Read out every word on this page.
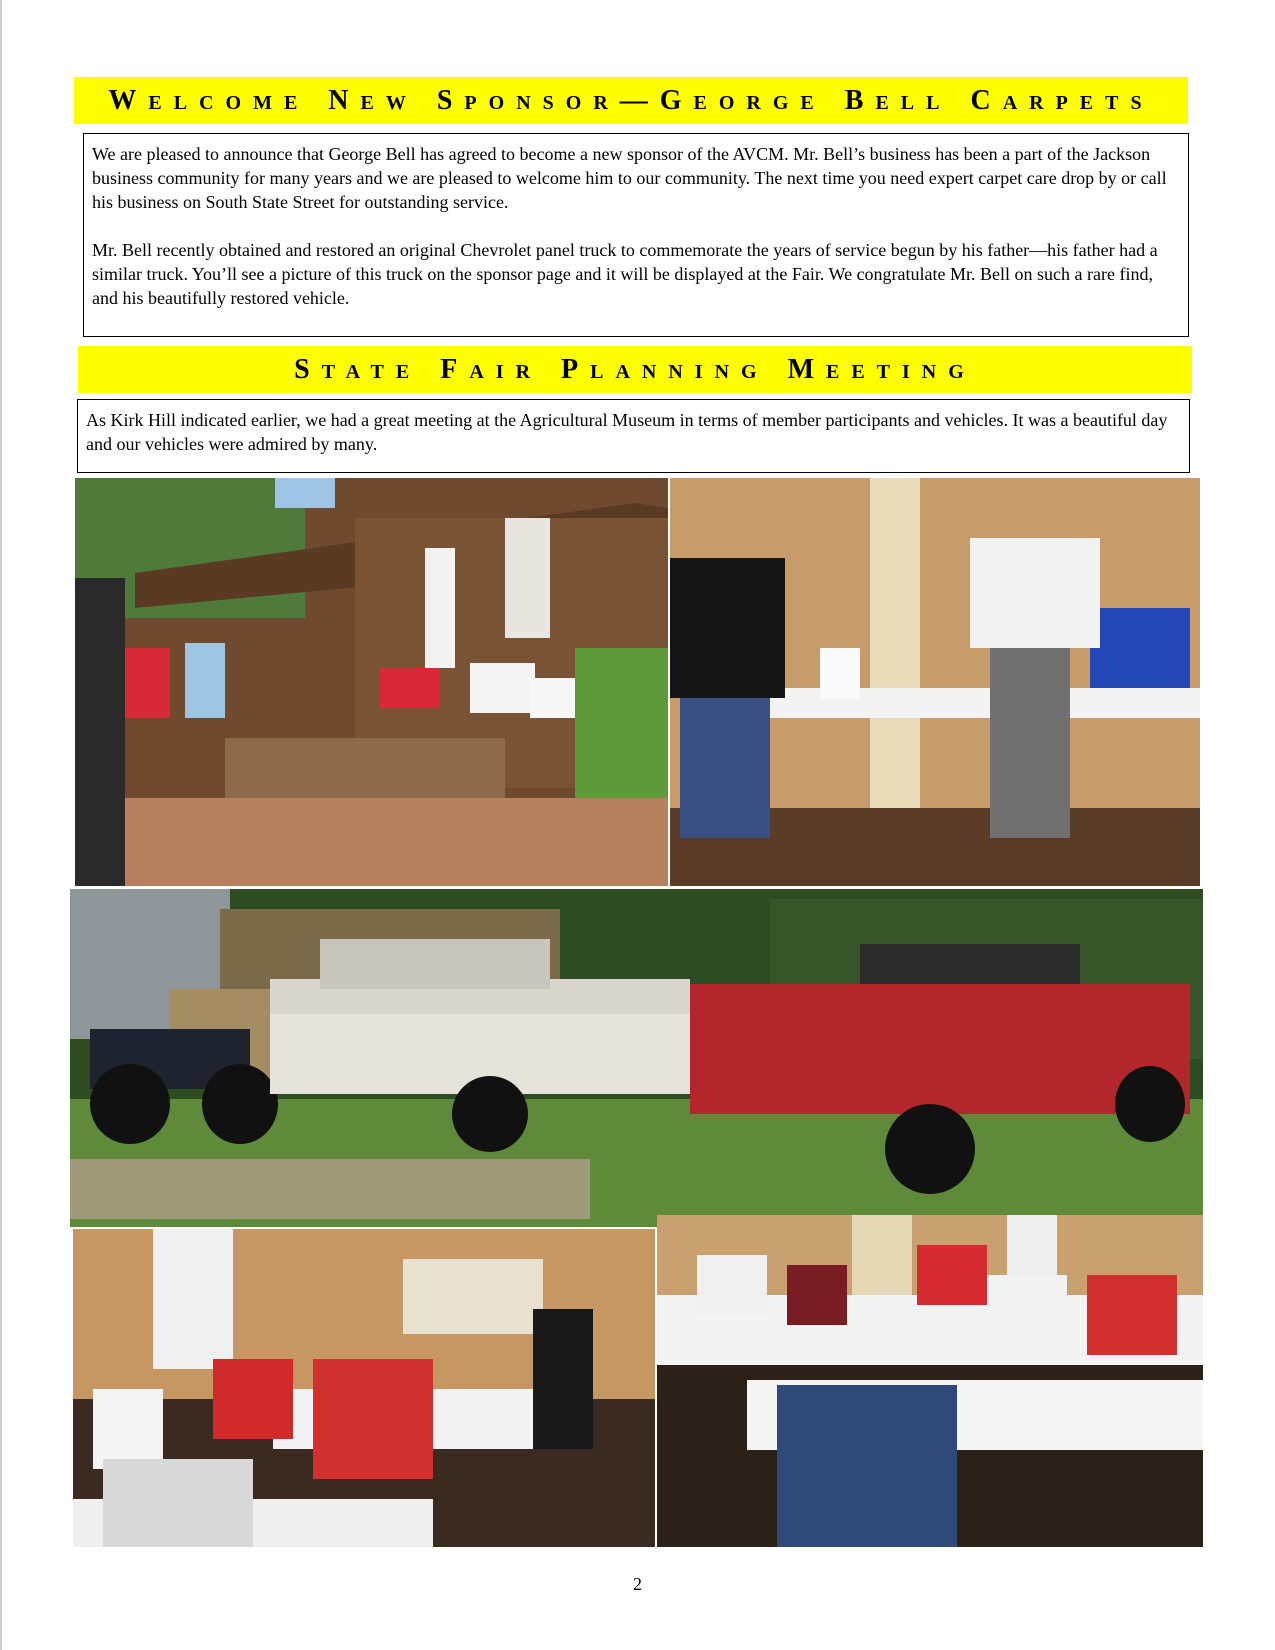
Welcome New Sponsor—George Bell Carpets

We are pleased to announce that George Bell has agreed to become a new sponsor of the AVCM. Mr. Bell’s business has been a part of the Jackson business community for many years and we are pleased to welcome him to our community. The next time you need expert carpet care drop by or call his business on South State Street for outstanding service.

Mr. Bell recently obtained and restored an original Chevrolet panel truck to commemorate the years of service begun by his father—his father had a similar truck. You’ll see a picture of this truck on the sponsor page and it will be displayed at the Fair. We congratulate Mr. Bell on such a rare find, and his beautifully restored vehicle.

State Fair Planning Meeting

As Kirk Hill indicated earlier, we had a great meeting at the Agricultural Museum in terms of member participants and vehicles. It was a beautiful day and our vehicles were admired by many.

2
